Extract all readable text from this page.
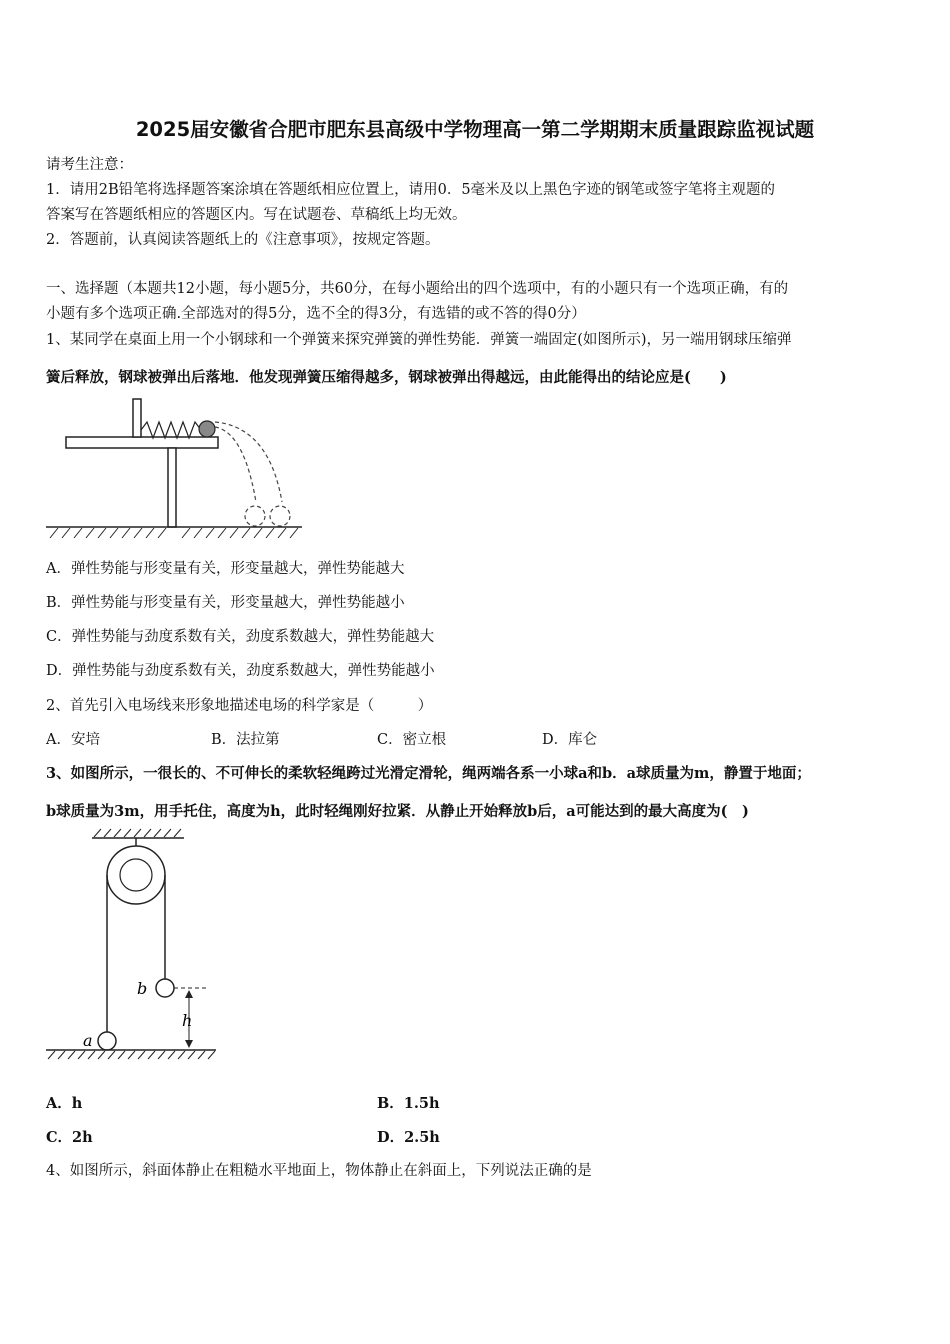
2025届安徽省合肥市肥东县高级中学物理高一第二学期期末质量跟踪监视试题
请考生注意：
1．请用2B铅笔将选择题答案涂填在答题纸相应位置上，请用0．5毫米及以上黑色字迹的钢笔或签字笔将主观题的
答案写在答题纸相应的答题区内。写在试题卷、草稿纸上均无效。
2．答题前，认真阅读答题纸上的《注意事项》，按规定答题。
一、选择题（本题共12小题，每小题5分，共60分，在每小题给出的四个选项中，有的小题只有一个选项正确，有的
小题有多个选项正确.全部选对的得5分，选不全的得3分，有选错的或不答的得0分）
1、某同学在桌面上用一个小钢球和一个弹簧来探究弹簧的弹性势能．弹簧一端固定(如图所示)，另一端用钢球压缩弹
簧后释放，钢球被弹出后落地．他发现弹簧压缩得越多，钢球被弹出得越远，由此能得出的结论应是(　　)
A．弹性势能与形变量有关，形变量越大，弹性势能越大
B．弹性势能与形变量有关，形变量越大，弹性势能越小
C．弹性势能与劲度系数有关，劲度系数越大，弹性势能越大
D．弹性势能与劲度系数有关，劲度系数越大，弹性势能越小
2、首先引入电场线来形象地描述电场的科学家是（　　　）
A．安培	B．法拉第	C．密立根	D．库仑
3、如图所示，一很长的、不可伸长的柔软轻绳跨过光滑定滑轮，绳两端各系一小球a和b．a球质量为m，静置于地面；
b球质量为3m，用手托住，高度为h，此时轻绳刚好拉紧．从静止开始释放b后，a可能达到的最大高度为(　)
b
h
a
A．h	B．1.5h
C．2h	D．2.5h
4、如图所示，斜面体静止在粗糙水平地面上，物体静止在斜面上，下列说法正确的是
